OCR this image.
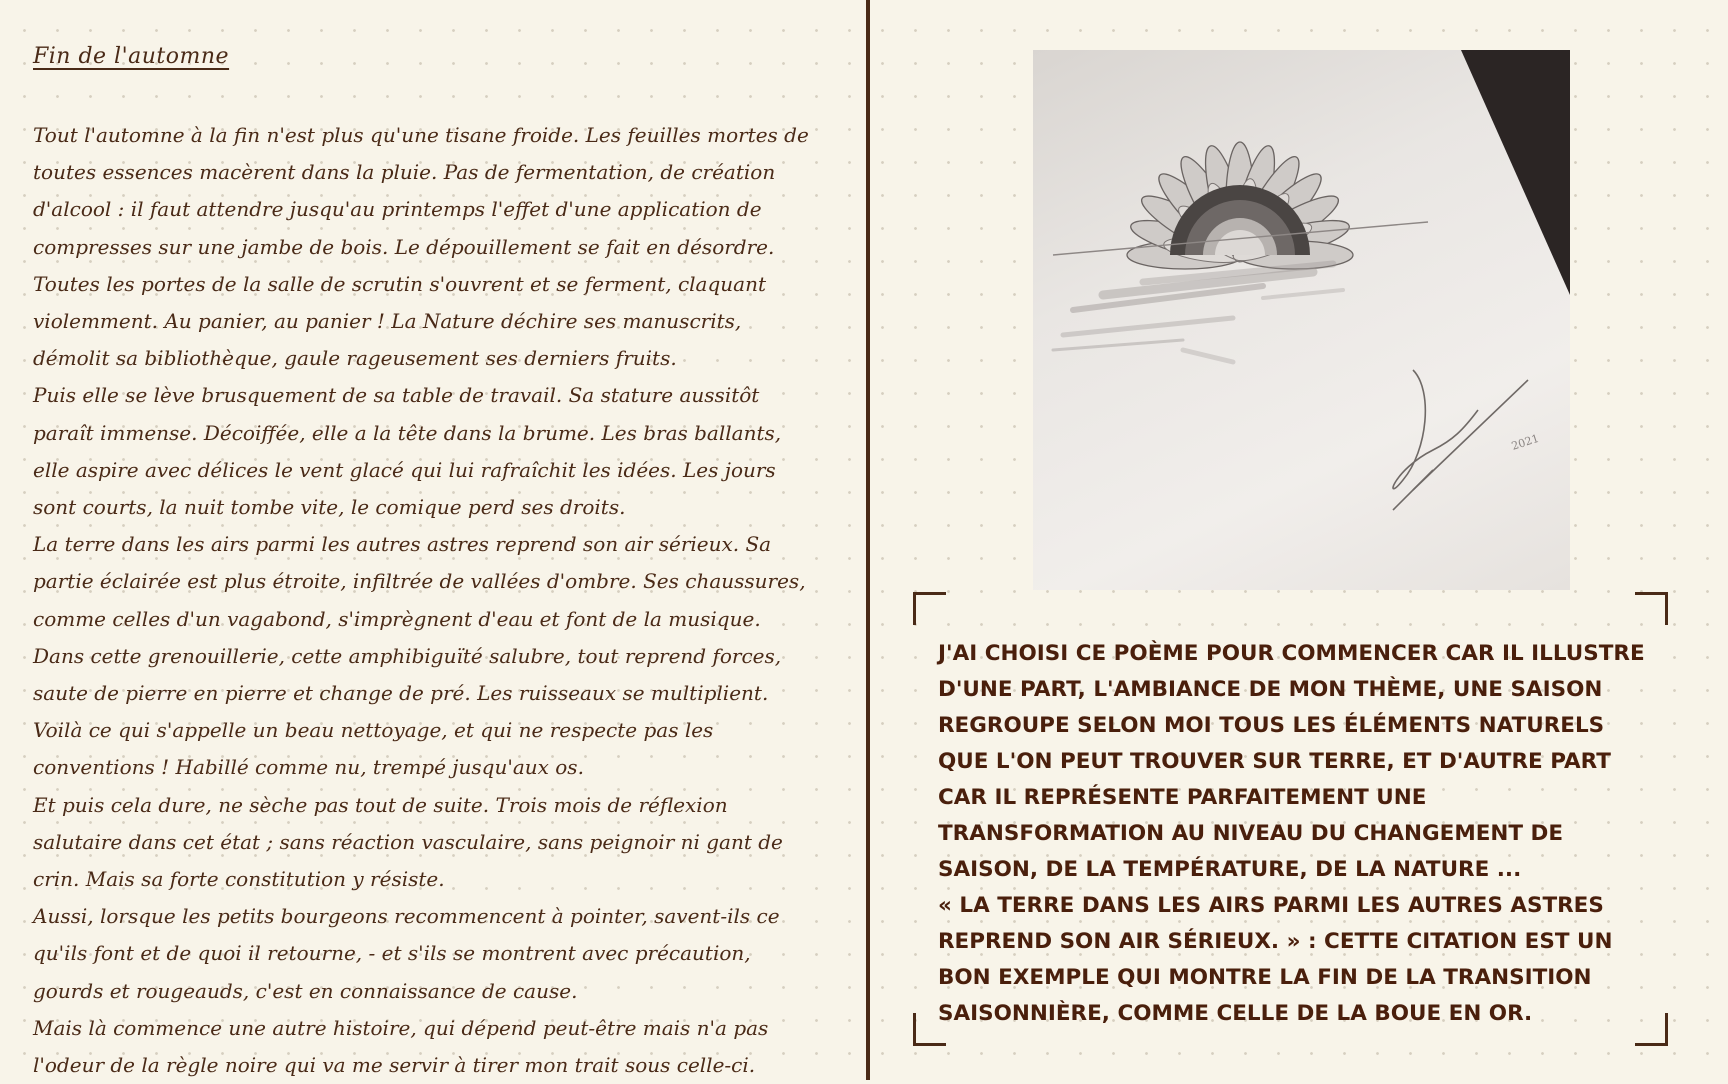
Fin de l'automne

Tout l'automne à la fin n'est plus qu'une tisane froide. Les feuilles mortes de toutes essences macèrent dans la pluie. Pas de fermentation, de création d'alcool : il faut attendre jusqu'au printemps l'effet d'une application de compresses sur une jambe de bois. Le dépouillement se fait en désordre. Toutes les portes de la salle de scrutin s'ouvrent et se ferment, claquant violemment. Au panier, au panier ! La Nature déchire ses manuscrits, démolit sa bibliothèque, gaule rageusement ses derniers fruits.

Puis elle se lève brusquement de sa table de travail. Sa stature aussitôt paraît immense. Décoiffée, elle a la tête dans la brume. Les bras ballants, elle aspire avec délices le vent glacé qui lui rafraîchit les idées. Les jours sont courts, la nuit tombe vite, le comique perd ses droits.

La terre dans les airs parmi les autres astres reprend son air sérieux. Sa partie éclairée est plus étroite, infiltrée de vallées d'ombre. Ses chaussures, comme celles d'un vagabond, s'imprègnent d'eau et font de la musique.

Dans cette grenouillerie, cette amphibiguïté salubre, tout reprend forces, saute de pierre en pierre et change de pré. Les ruisseaux se multiplient.

Voilà ce qui s'appelle un beau nettoyage, et qui ne respecte pas les conventions ! Habillé comme nu, trempé jusqu'aux os.

Et puis cela dure, ne sèche pas tout de suite. Trois mois de réflexion salutaire dans cet état ; sans réaction vasculaire, sans peignoir ni gant de crin. Mais sa forte constitution y résiste.

Aussi, lorsque les petits bourgeons recommencent à pointer, savent-ils ce qu'ils font et de quoi il retourne, - et s'ils se montrent avec précaution, gourds et rougeauds, c'est en connaissance de cause.

Mais là commence une autre histoire, qui dépend peut-être mais n'a pas l'odeur de la règle noire qui va me servir à tirer mon trait sous celle-ci.

2021

J'AI CHOISI CE POÈME POUR COMMENCER CAR IL ILLUSTRE D'UNE PART, L'AMBIANCE DE MON THÈME, UNE SAISON REGROUPE SELON MOI TOUS LES ÉLÉMENTS NATURELS QUE L'ON PEUT TROUVER SUR TERRE, ET D'AUTRE PART CAR IL REPRÉSENTE PARFAITEMENT UNE TRANSFORMATION AU NIVEAU DU CHANGEMENT DE SAISON, DE LA TEMPÉRATURE, DE LA NATURE ...

« LA TERRE DANS LES AIRS PARMI LES AUTRES ASTRES REPREND SON AIR SÉRIEUX. » : CETTE CITATION EST UN BON EXEMPLE QUI MONTRE LA FIN DE LA TRANSITION SAISONNIÈRE, COMME CELLE DE LA BOUE EN OR.
